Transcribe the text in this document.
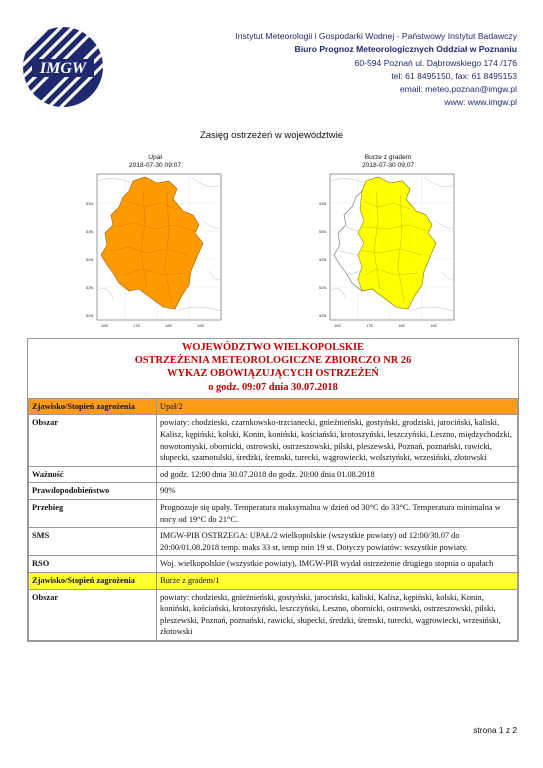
IMGW
Instytut Meteorologii i Gospodarki Wodnej - Państwowy Instytut Badawczy
Biuro Prognoz Meteorologicznych Oddział w Poznaniu
60-594 Poznań ul. Dąbrowskiego 174 /176
tel: 61 8495150, fax: 61 8495153
email: meteo.poznan@imgw.pl
www: www.imgw.pl
Zasięg ostrzeżeń w województwie
Upał
2018-07-30 09:07
53N
53N
52N
52N
52N
16E	17E	18E	19E
Burze z gradem
2018-07-30 09:07
53N
53N
52N
52N
52N
16E	17E	18E	19E
WOJEWÓDZTWO WIELKOPOLSKIE
OSTRZEŻENIA METEOROLOGICZNE ZBIORCZO NR 26
WYKAZ OBOWIĄZUJĄCYCH OSTRZEŻEŃ
o godz. 09:07 dnia 30.07.2018
Zjawisko/Stopień zagrożenia	Upał/2
Obszar	powiaty: chodzieski, czarnkowsko-trzcianecki, gnieźnieński, gostyński, grodziski, jarociński, kaliski, Kalisz, kępiński, kolski, Konin, koniński, kościański, krotoszyński, leszczyński, Leszno, międzychodzki, nowotomyski, obornicki, ostrowski, ostrzeszowski, pilski, pleszewski, Poznań, poznański, rawicki, słupecki, szamotulski, średzki, śremski, turecki, wągrowiecki, wolsztyński, wrzesiński, złotowski
Ważność	od godz. 12:00 dnia 30.07.2018 do godz. 20:00 dnia 01.08.2018
Prawdopodobieństwo	90%
Przebieg	Prognozuje się upały. Temperatura maksymalna w dzień od 30°C do 33°C. Temperatura minimalna w nocy od 19°C do 21°C.
SMS	IMGW-PIB OSTRZEGA: UPAŁ/2 wielkopolskie (wszystkie powiaty) od 12:00/30.07 do 20:00/01.08.2018 temp. maks 33 st, temp min 19 st. Dotyczy powiatów: wszystkie powiaty.
RSO	Woj. wielkopolskie (wszystkie powiaty), IMGW-PIB wydał ostrzeżenie drugiego stopnia o upałach
Zjawisko/Stopień zagrożenia	Burze z gradem/1
Obszar	powiaty: chodzieski, gnieźnieński, gostyński, jarociński, kaliski, Kalisz, kępiński, kolski, Konin, koniński, kościański, krotoszyński, leszczyński, Leszno, obornicki, ostrowski, ostrzeszowski, pilski, pleszewski, Poznań, poznański, rawicki, słupecki, średzki, śremski, turecki, wągrowiecki, wrzesiński, złotowski
strona 1 z 2
